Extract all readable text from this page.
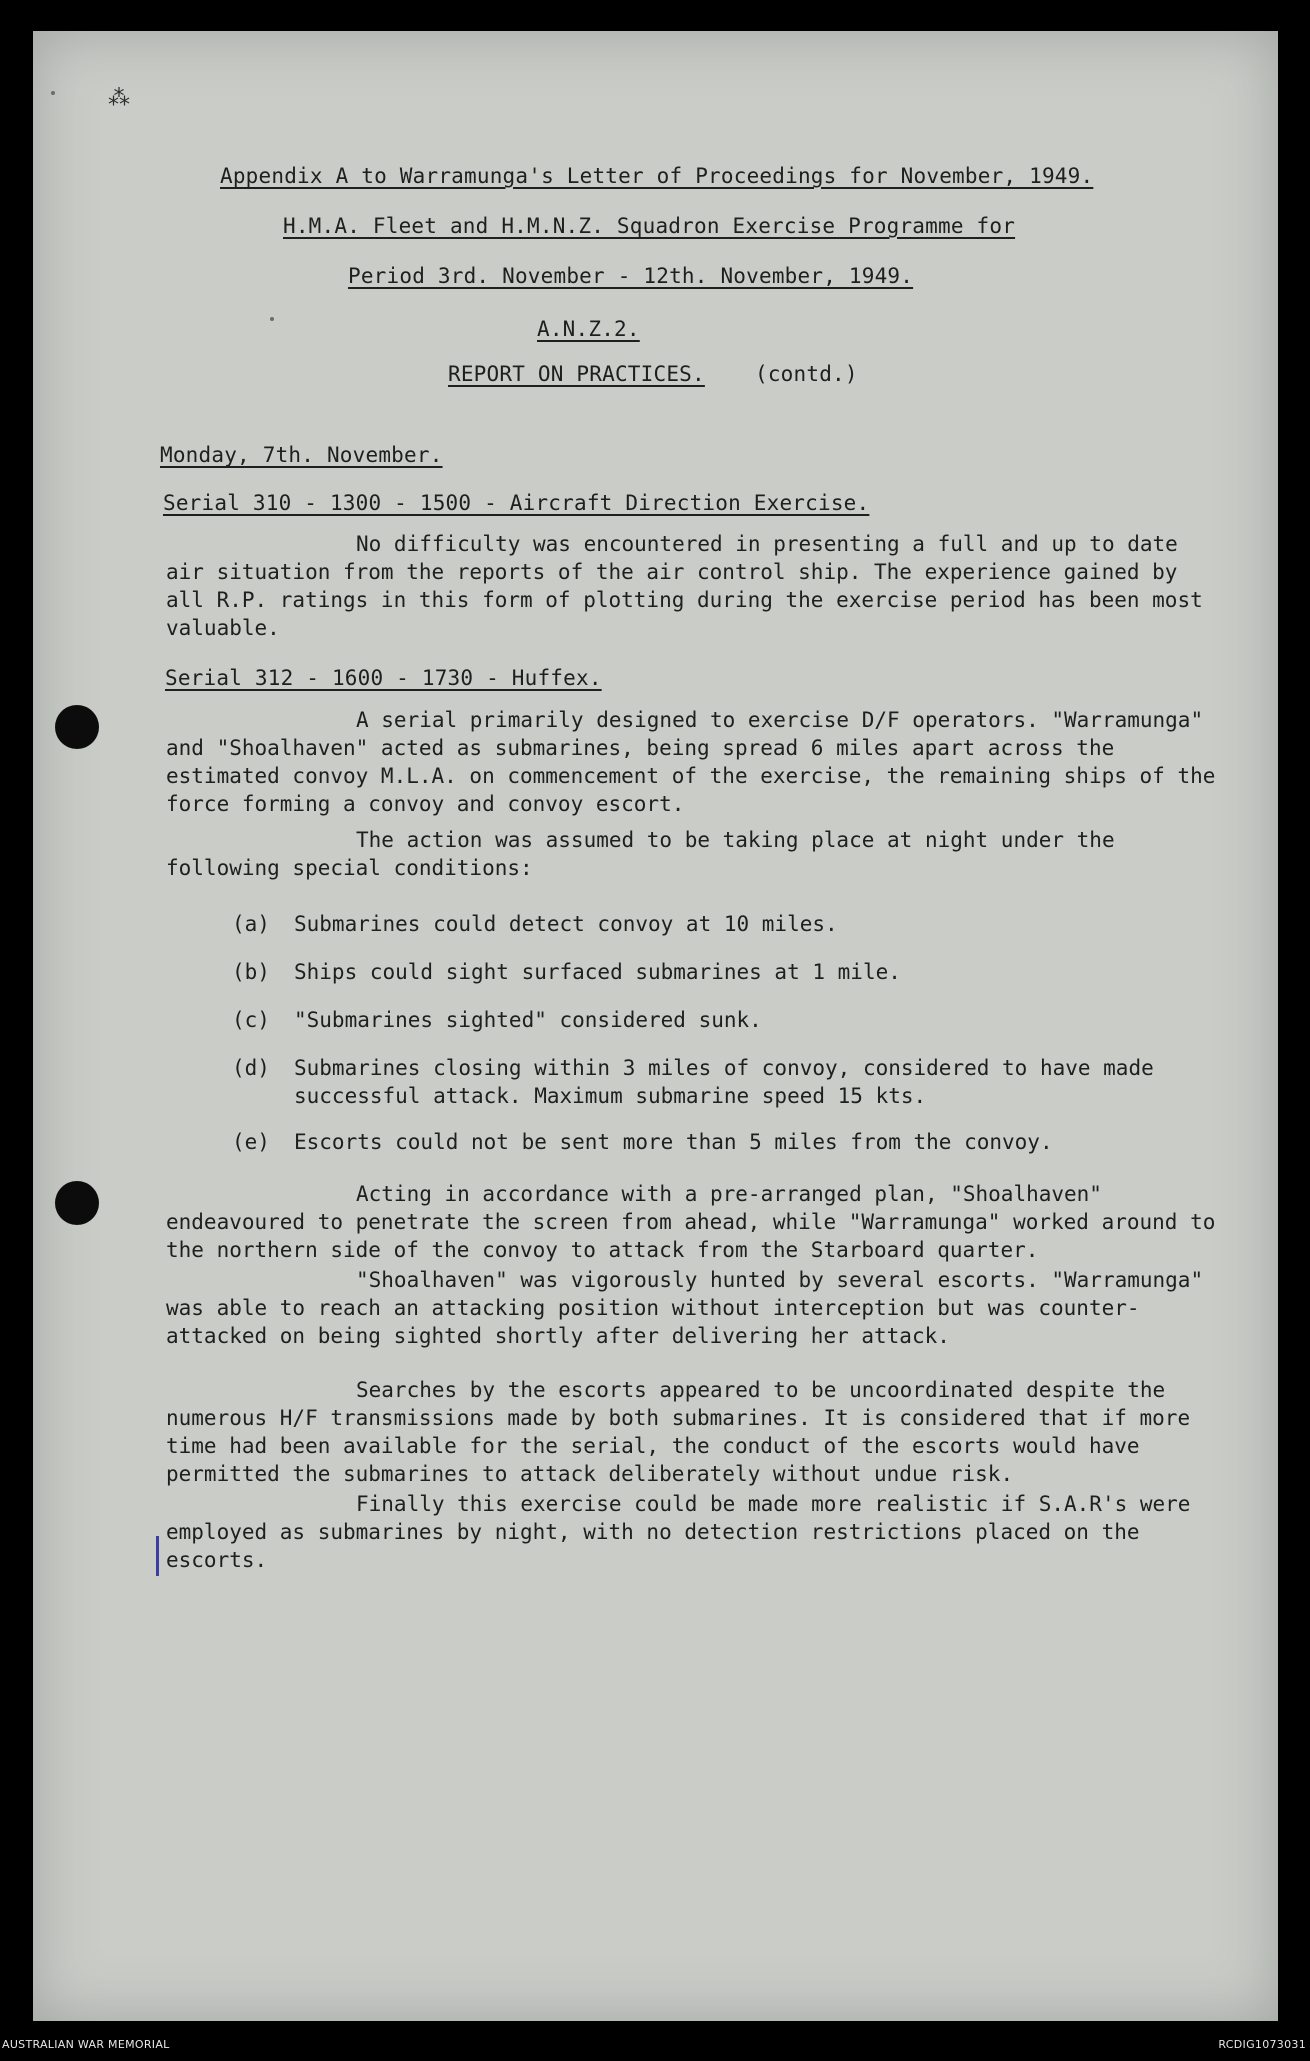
⁂
Appendix A to Warramunga's Letter of Proceedings for November, 1949.
H.M.A. Fleet and H.M.N.Z. Squadron Exercise Programme for
Period 3rd. November - 12th. November, 1949.
A.N.Z.2.
REPORT ON PRACTICES. (contd.)
Monday, 7th. November.
Serial 310 - 1300 - 1500 - Aircraft Direction Exercise.
No difficulty was encountered in presenting a full and up to date air situation from the reports of the air control ship. The experience gained by all R.P. ratings in this form of plotting during the exercise period has been most valuable.
Serial 312 - 1600 - 1730 - Huffex.
A serial primarily designed to exercise D/F operators. "Warramunga" and "Shoalhaven" acted as submarines, being spread 6 miles apart across the estimated convoy M.L.A. on commencement of the exercise, the remaining ships of the force forming a convoy and convoy escort.
The action was assumed to be taking place at night under the following special conditions:
(a) Submarines could detect convoy at 10 miles.
(b) Ships could sight surfaced submarines at 1 mile.
(c) "Submarines sighted" considered sunk.
(d) Submarines closing within 3 miles of convoy, considered to have made successful attack. Maximum submarine speed 15 kts.
(e) Escorts could not be sent more than 5 miles from the convoy.
Acting in accordance with a pre-arranged plan, "Shoalhaven" endeavoured to penetrate the screen from ahead, while "Warramunga" worked around to the northern side of the convoy to attack from the Starboard quarter.
"Shoalhaven" was vigorously hunted by several escorts. "Warramunga" was able to reach an attacking position without interception but was counter-attacked on being sighted shortly after delivering her attack.
Searches by the escorts appeared to be uncoordinated despite the numerous H/F transmissions made by both submarines. It is considered that if more time had been available for the serial, the conduct of the escorts would have permitted the submarines to attack deliberately without undue risk.
Finally this exercise could be made more realistic if S.A.R's were employed as submarines by night, with no detection restrictions placed on the escorts.
AUSTRALIAN WAR MEMORIAL	RCDIG1073031
